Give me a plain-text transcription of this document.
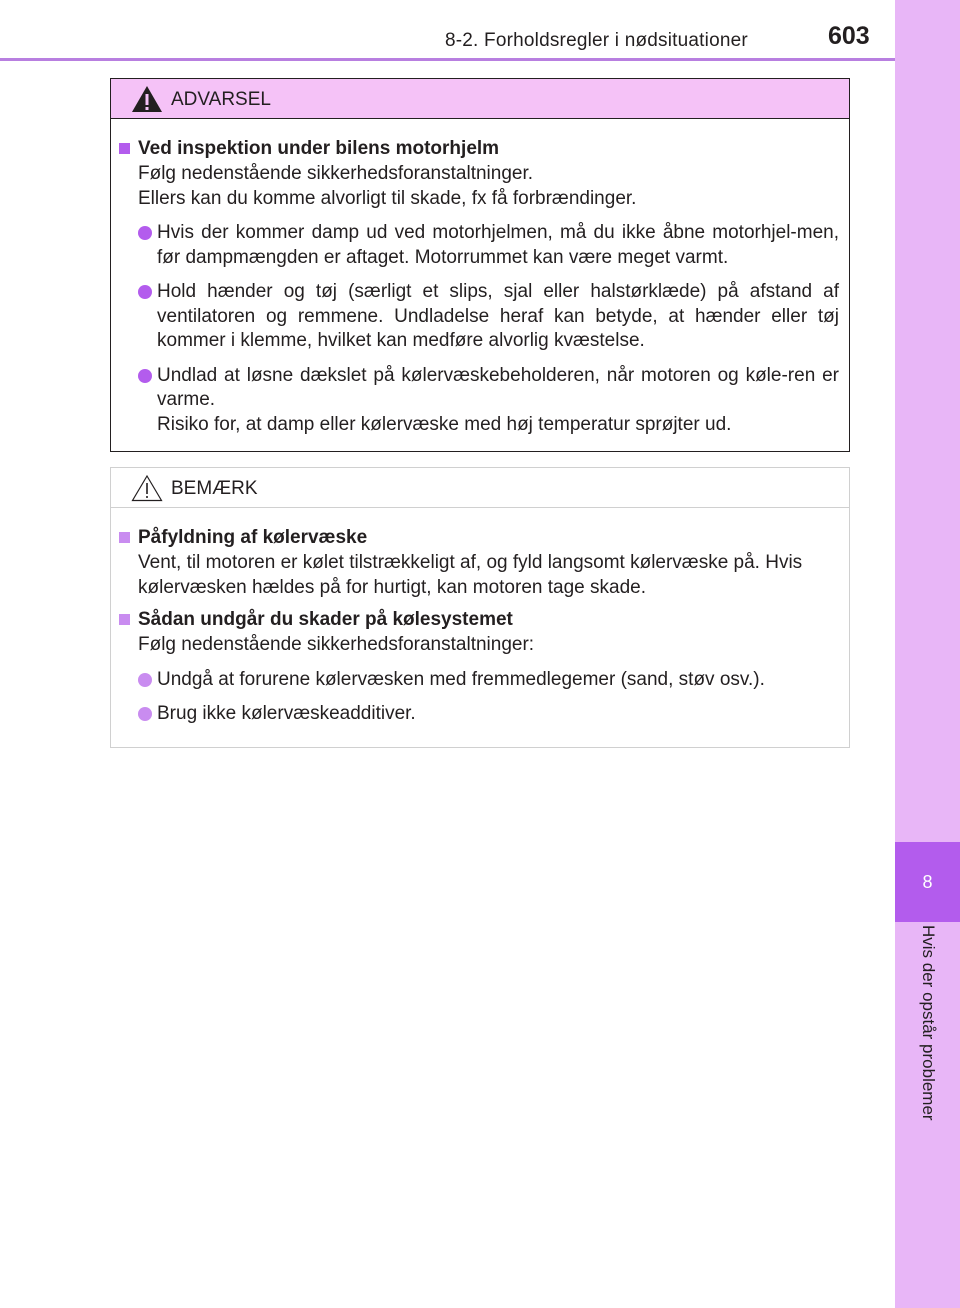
8-2. Forholdsregler i nødsituationer	603
8
Hvis der opstår problemer
ADVARSEL
Ved inspektion under bilens motorhjelm
Følg nedenstående sikkerhedsforanstaltninger.
Ellers kan du komme alvorligt til skade, fx få forbrændinger.
Hvis der kommer damp ud ved motorhjelmen, må du ikke åbne motorhjel-men, før dampmængden er aftaget. Motorrummet kan være meget varmt.
Hold hænder og tøj (særligt et slips, sjal eller halstørklæde) på afstand af ventilatoren og remmene. Undladelse heraf kan betyde, at hænder eller tøj kommer i klemme, hvilket kan medføre alvorlig kvæstelse.
Undlad at løsne dækslet på kølervæskebeholderen, når motoren og køle-ren er varme.
Risiko for, at damp eller kølervæske med høj temperatur sprøjter ud.
BEMÆRK
Påfyldning af kølervæske
Vent, til motoren er kølet tilstrækkeligt af, og fyld langsomt kølervæske på. Hvis kølervæsken hældes på for hurtigt, kan motoren tage skade.
Sådan undgår du skader på kølesystemet
Følg nedenstående sikkerhedsforanstaltninger:
Undgå at forurene kølervæsken med fremmedlegemer (sand, støv osv.).
Brug ikke kølervæskeadditiver.
